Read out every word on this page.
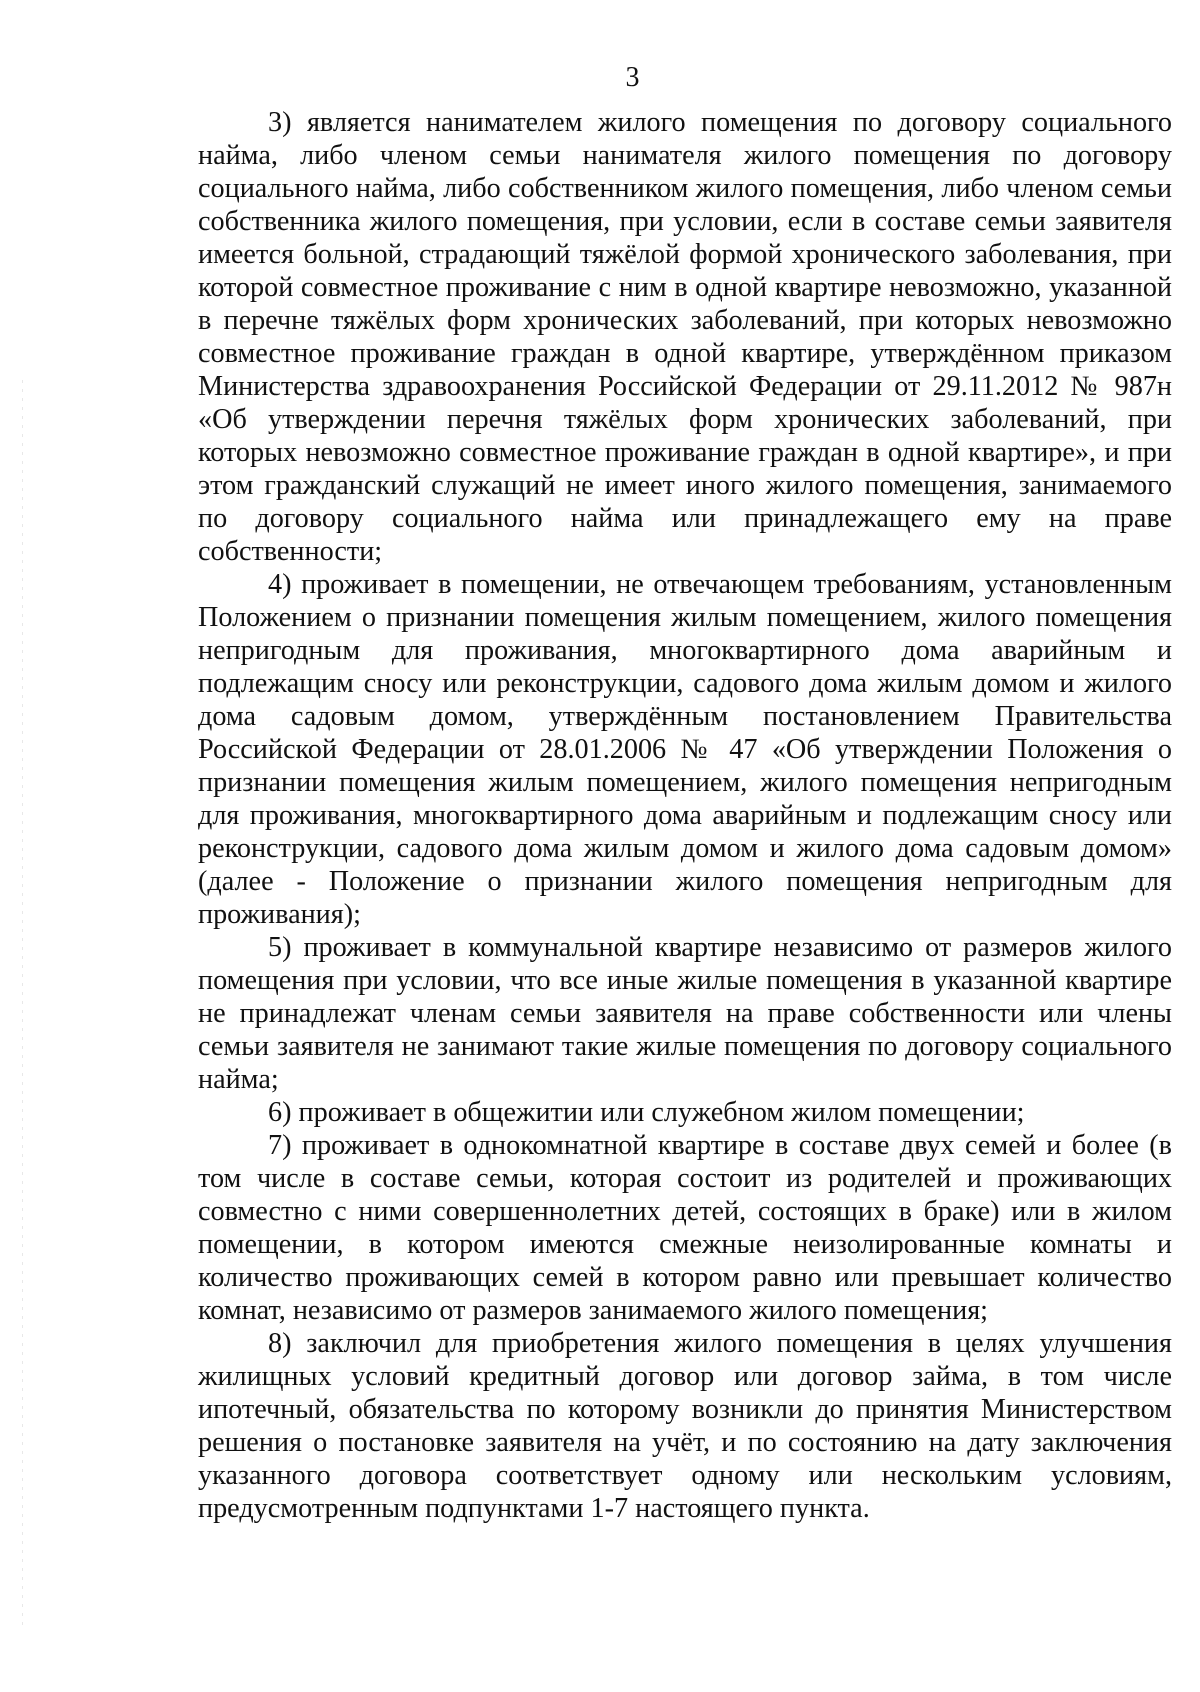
3

3) является нанимателем жилого помещения по договору социального найма, либо членом семьи нанимателя жилого помещения по договору социального найма, либо собственником жилого помещения, либо членом семьи собственника жилого помещения, при условии, если в составе семьи заявителя имеется больной, страдающий тяжёлой формой хронического заболевания, при которой совместное проживание с ним в одной квартире невозможно, указанной в перечне тяжёлых форм хронических заболеваний, при которых невозможно совместное проживание граждан в одной квартире, утверждённом приказом Министерства здравоохранения Российской Федерации от 29.11.2012 № 987н «Об утверждении перечня тяжёлых форм хронических заболеваний, при которых невозможно совместное проживание граждан в одной квартире», и при этом гражданский служащий не имеет иного жилого помещения, занимаемого по договору социального найма или принадлежащего ему на праве собственности;

4) проживает в помещении, не отвечающем требованиям, установленным Положением о признании помещения жилым помещением, жилого помещения непригодным для проживания, многоквартирного дома аварийным и подлежащим сносу или реконструкции, садового дома жилым домом и жилого дома садовым домом, утверждённым постановлением Правительства Российской Федерации от 28.01.2006 № 47 «Об утверждении Положения о признании помещения жилым помещением, жилого помещения непригодным для проживания, многоквартирного дома аварийным и подлежащим сносу или реконструкции, садового дома жилым домом и жилого дома садовым домом» (далее - Положение о признании жилого помещения непригодным для проживания);

5) проживает в коммунальной квартире независимо от размеров жилого помещения при условии, что все иные жилые помещения в указанной квартире не принадлежат членам семьи заявителя на праве собственности или члены семьи заявителя не занимают такие жилые помещения по договору социального найма;

6) проживает в общежитии или служебном жилом помещении;

7) проживает в однокомнатной квартире в составе двух семей и более (в том числе в составе семьи, которая состоит из родителей и проживающих совместно с ними совершеннолетних детей, состоящих в браке) или в жилом помещении, в котором имеются смежные неизолированные комнаты и количество проживающих семей в котором равно или превышает количество комнат, независимо от размеров занимаемого жилого помещения;

8) заключил для приобретения жилого помещения в целях улучшения жилищных условий кредитный договор или договор займа, в том числе ипотечный, обязательства по которому возникли до принятия Министерством решения о постановке заявителя на учёт, и по состоянию на дату заключения указанного договора соответствует одному или нескольким условиям, предусмотренным подпунктами 1-7 настоящего пункта.
